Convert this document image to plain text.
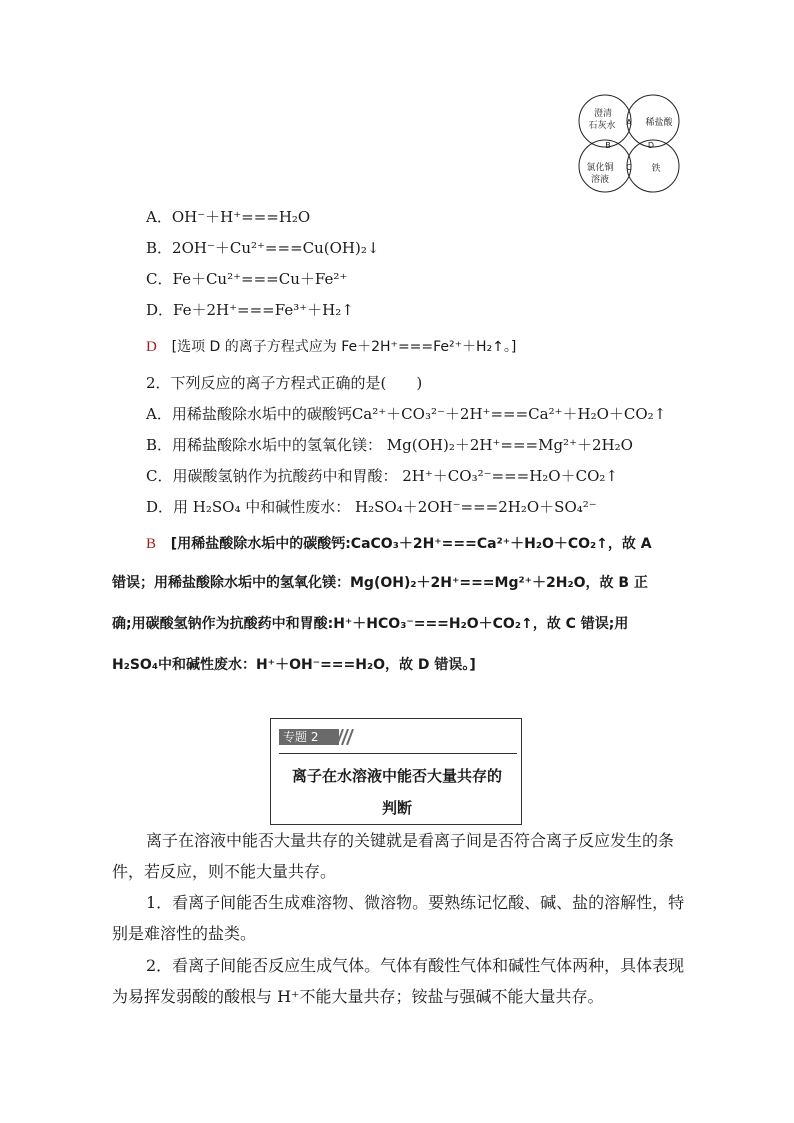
澄清
石灰水	稀盐酸
氯化铜
溶液
铁
A
B
C
D
A．OH⁻＋H⁺===H₂O
B．2OH⁻＋Cu²⁺===Cu(OH)₂↓
C．Fe＋Cu²⁺===Cu＋Fe²⁺
D．Fe＋2H⁺===Fe³⁺＋H₂↑
D [选项 D 的离子方程式应为 Fe＋2H⁺===Fe²⁺＋H₂↑。]
2．下列反应的离子方程式正确的是(　　)
A．用稀盐酸除水垢中的碳酸钙Ca²⁺＋CO₃²⁻＋2H⁺===Ca²⁺＋H₂O＋CO₂↑
B．用稀盐酸除水垢中的氢氧化镁： Mg(OH)₂＋2H⁺===Mg²⁺＋2H₂O
C．用碳酸氢钠作为抗酸药中和胃酸： 2H⁺＋CO₃²⁻===H₂O＋CO₂↑
D．用 H₂SO₄ 中和碱性废水： H₂SO₄＋2OH⁻===2H₂O＋SO₄²⁻
B [用稀盐酸除水垢中的碳酸钙:CaCO₃＋2H⁺===Ca²⁺＋H₂O＋CO₂↑，故 A
错误；用稀盐酸除水垢中的氢氧化镁：Mg(OH)₂＋2H⁺===Mg²⁺＋2H₂O，故 B 正
确;用碳酸氢钠作为抗酸药中和胃酸:H⁺＋HCO₃⁻===H₂O＋CO₂↑，故 C 错误;用
H₂SO₄中和碱性废水：H⁺＋OH⁻===H₂O，故 D 错误。]
专题 2
离子在水溶液中能否大量共存的
判断
离子在溶液中能否大量共存的关键就是看离子间是否符合离子反应发生的条
件，若反应，则不能大量共存。
1．看离子间能否生成难溶物、微溶物。要熟练记忆酸、碱、盐的溶解性，特
别是难溶性的盐类。
2．看离子间能否反应生成气体。气体有酸性气体和碱性气体两种，具体表现
为易挥发弱酸的酸根与 H⁺不能大量共存；铵盐与强碱不能大量共存。
